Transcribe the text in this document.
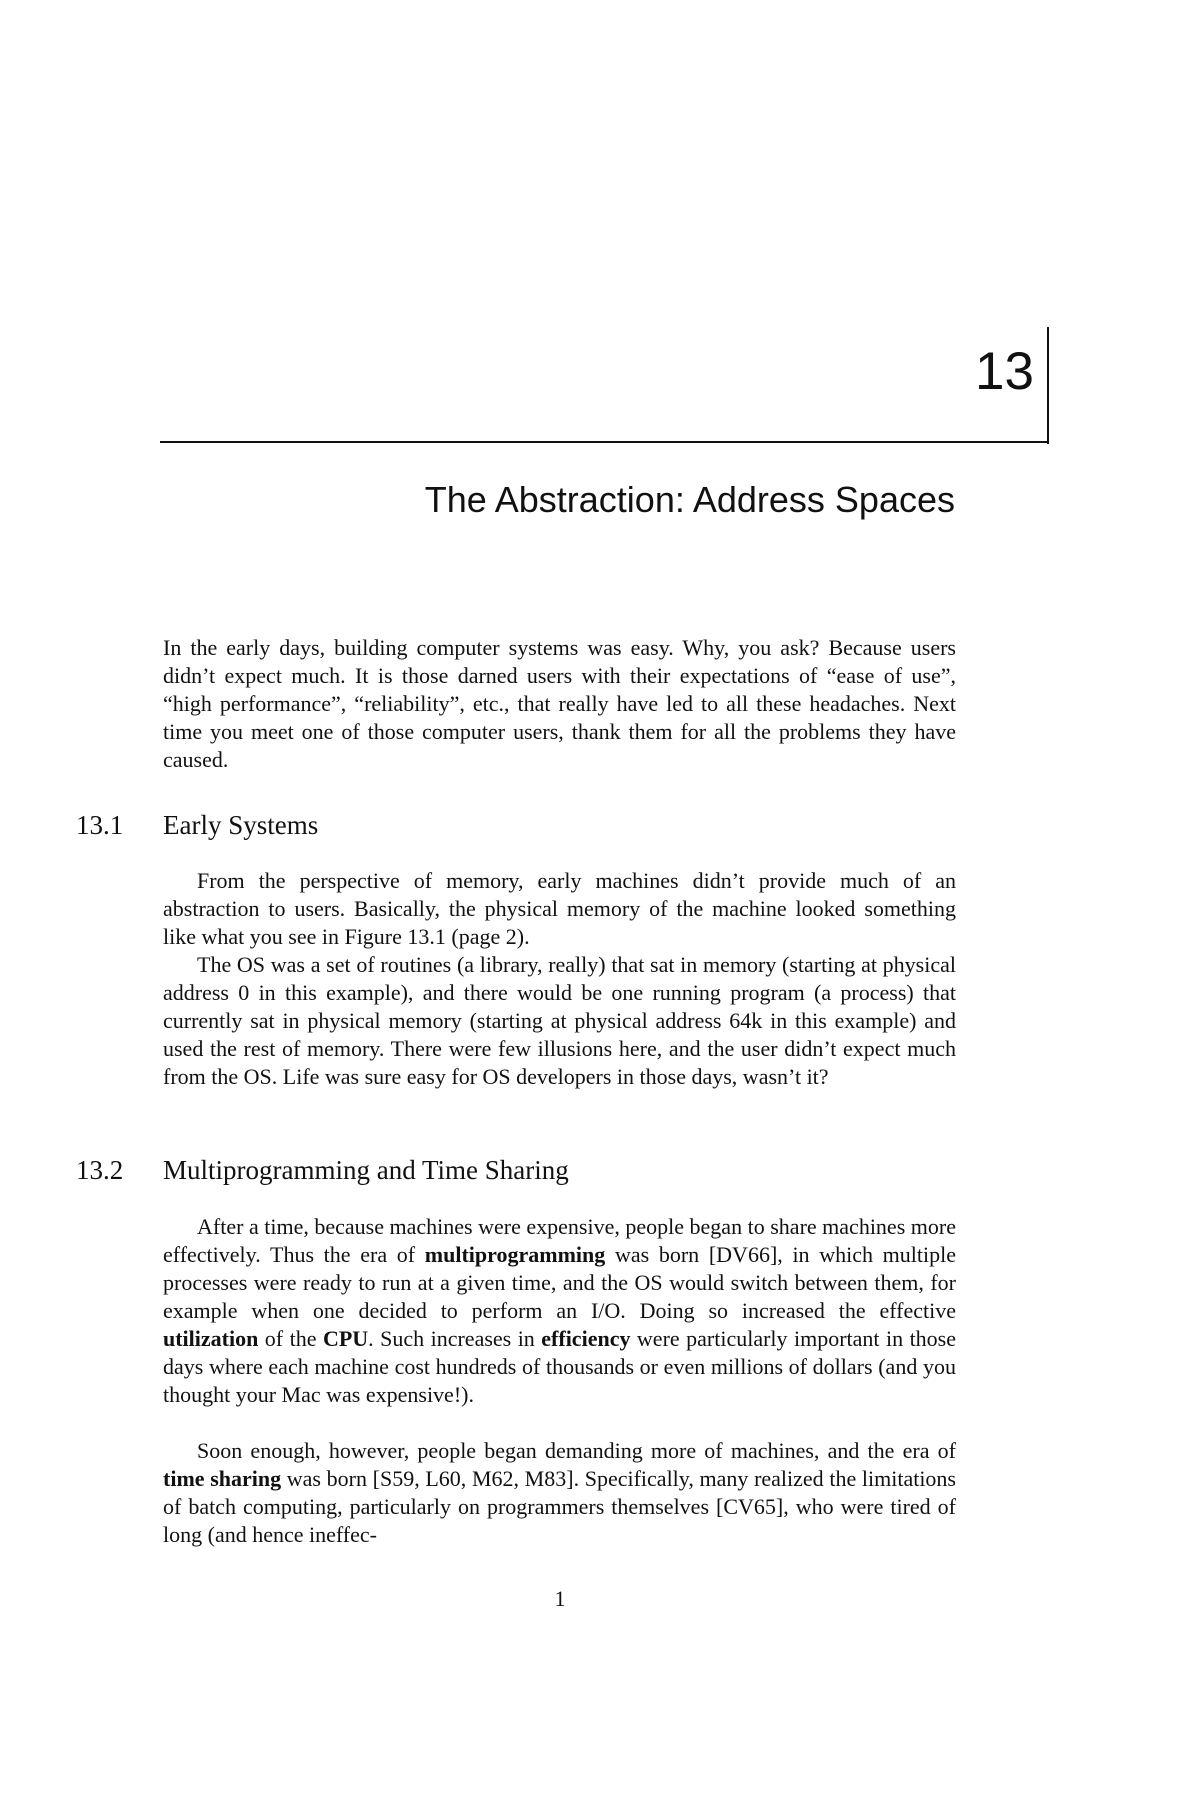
13
The Abstraction: Address Spaces

In the early days, building computer systems was easy. Why, you ask? Because users didn’t expect much. It is those darned users with their expectations of “ease of use”, “high performance”, “reliability”, etc., that really have led to all these headaches. Next time you meet one of those computer users, thank them for all the problems they have caused.

13.1 Early Systems

From the perspective of memory, early machines didn’t provide much of an abstraction to users. Basically, the physical memory of the machine looked something like what you see in Figure 13.1 (page 2).

The OS was a set of routines (a library, really) that sat in memory (starting at physical address 0 in this example), and there would be one running program (a process) that currently sat in physical memory (starting at physical address 64k in this example) and used the rest of memory. There were few illusions here, and the user didn’t expect much from the OS. Life was sure easy for OS developers in those days, wasn’t it?

13.2 Multiprogramming and Time Sharing

After a time, because machines were expensive, people began to share machines more effectively. Thus the era of multiprogramming was born [DV66], in which multiple processes were ready to run at a given time, and the OS would switch between them, for example when one decided to perform an I/O. Doing so increased the effective utilization of the CPU. Such increases in efficiency were particularly important in those days where each machine cost hundreds of thousands or even millions of dollars (and you thought your Mac was expensive!).

Soon enough, however, people began demanding more of machines, and the era of time sharing was born [S59, L60, M62, M83]. Specifically, many realized the limitations of batch computing, particularly on programmers themselves [CV65], who were tired of long (and hence ineffec-

1
